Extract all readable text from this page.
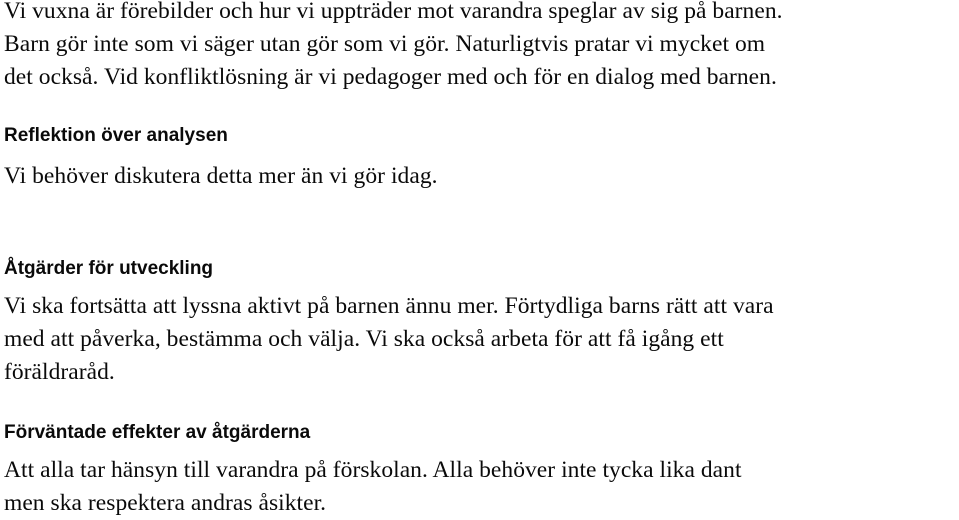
Vi vuxna är förebilder och hur vi uppträder mot varandra speglar av sig på barnen.
Barn gör inte som vi säger utan gör som vi gör. Naturligtvis pratar vi mycket om
det också. Vid konfliktlösning är vi pedagoger med och för en dialog med barnen.

Reflektion över analysen

Vi behöver diskutera detta mer än vi gör idag.

Åtgärder för utveckling

Vi ska fortsätta att lyssna aktivt på barnen ännu mer. Förtydliga barns rätt att vara
med att påverka, bestämma och välja. Vi ska också arbeta för att få igång ett
föräldraråd.

Förväntade effekter av åtgärderna

Att alla tar hänsyn till varandra på förskolan. Alla behöver inte tycka lika dant
men ska respektera andras åsikter.
